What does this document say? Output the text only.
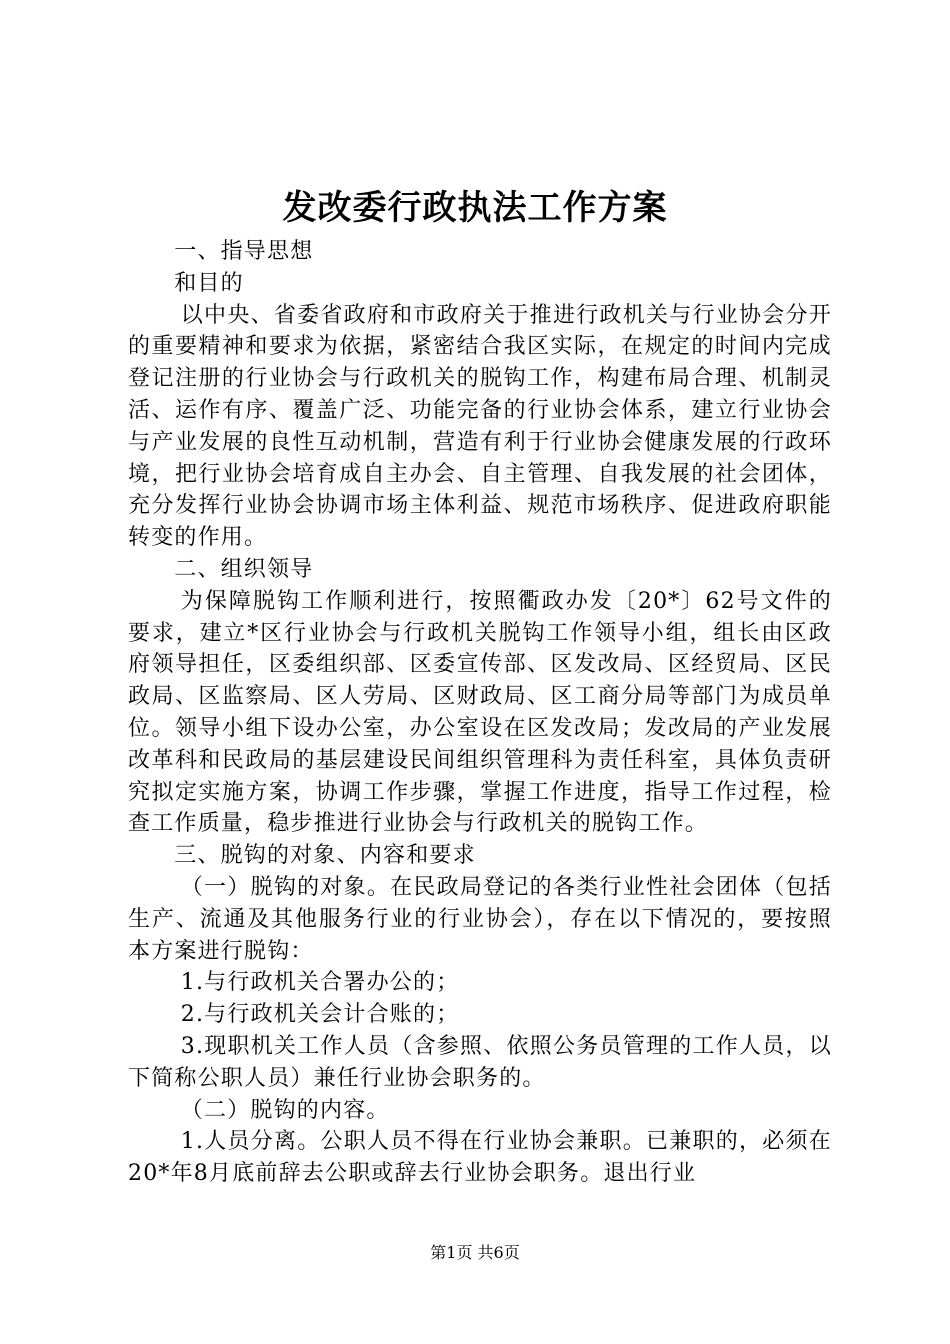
发改委行政执法工作方案

一、指导思想

和目的

以中央、省委省政府和市政府关于推进行政机关与行业协会分开的重要精神和要求为依据，紧密结合我区实际，在规定的时间内完成登记注册的行业协会与行政机关的脱钩工作，构建布局合理、机制灵活、运作有序、覆盖广泛、功能完备的行业协会体系，建立行业协会与产业发展的良性互动机制，营造有利于行业协会健康发展的行政环境，把行业协会培育成自主办会、自主管理、自我发展的社会团体，充分发挥行业协会协调市场主体利益、规范市场秩序、促进政府职能转变的作用。

二、组织领导

为保障脱钩工作顺利进行，按照衢政办发〔20*〕62号文件的要求，建立*区行业协会与行政机关脱钩工作领导小组，组长由区政府领导担任，区委组织部、区委宣传部、区发改局、区经贸局、区民政局、区监察局、区人劳局、区财政局、区工商分局等部门为成员单位。领导小组下设办公室，办公室设在区发改局；发改局的产业发展改革科和民政局的基层建设民间组织管理科为责任科室，具体负责研究拟定实施方案，协调工作步骤，掌握工作进度，指导工作过程，检查工作质量，稳步推进行业协会与行政机关的脱钩工作。

三、脱钩的对象、内容和要求

（一）脱钩的对象。在民政局登记的各类行业性社会团体（包括生产、流通及其他服务行业的行业协会），存在以下情况的，要按照本方案进行脱钩：

1.与行政机关合署办公的；

2.与行政机关会计合账的；

3.现职机关工作人员（含参照、依照公务员管理的工作人员，以下简称公职人员）兼任行业协会职务的。

（二）脱钩的内容。

1.人员分离。公职人员不得在行业协会兼职。已兼职的，必须在20*年8月底前辞去公职或辞去行业协会职务。退出行业

第1页 共6页
